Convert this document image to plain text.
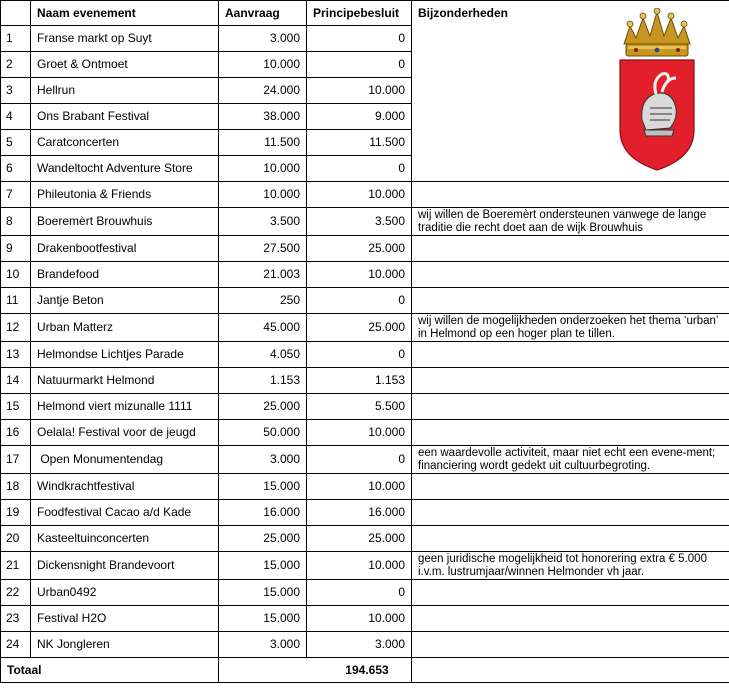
	Naam evenement	Aanvraag	Principebesluit	Bijzonderheden
1	Franse markt op Suyt	3.000	0	
2	Groet & Ontmoet	10.000	0	
3	Hellrun	24.000	10.000	
4	Ons Brabant Festival	38.000	9.000	
5	Caratconcerten	11.500	11.500	
6	Wandeltocht Adventure Store	10.000	0	
7	Phileutonia & Friends	10.000	10.000	
8	Boeremèrt Brouwhuis	3.500	3.500	wij willen de Boeremèrt ondersteunen vanwege de lange traditie die recht doet aan de wijk Brouwhuis
9	Drakenbootfestival	27.500	25.000	
10	Brandefood	21.003	10.000	
11	Jantje Beton	250	0	
12	Urban Matterz	45.000	25.000	wij willen de mogelijkheden onderzoeken het thema ‘urban’ in Helmond op een hoger plan te tillen.
13	Helmondse Lichtjes Parade	4.050	0	
14	Natuurmarkt Helmond	1.153	1.153	
15	Helmond viert mizunalle 1111	25.000	5.500	
16	Oelala! Festival voor de jeugd	50.000	10.000	
17	Open Monumentendag	3.000	0	een waardevolle activiteit, maar niet echt een evene-ment; financiering wordt gedekt uit cultuurbegroting.
18	Windkrachtfestival	15.000	10.000	
19	Foodfestival Cacao a/d Kade	16.000	16.000	
20	Kasteeltuinconcerten	25.000	25.000	
21	Dickensnight Brandevoort	15.000	10.000	geen juridische mogelijkheid tot honorering extra € 5.000 i.v.m. lustrumjaar/winnen Helmonder vh jaar.
22	Urban0492	15.000	0	
23	Festival H2O	15.000	10.000	
24	NK Jongleren	3.000	3.000	
Totaal		194.653		
